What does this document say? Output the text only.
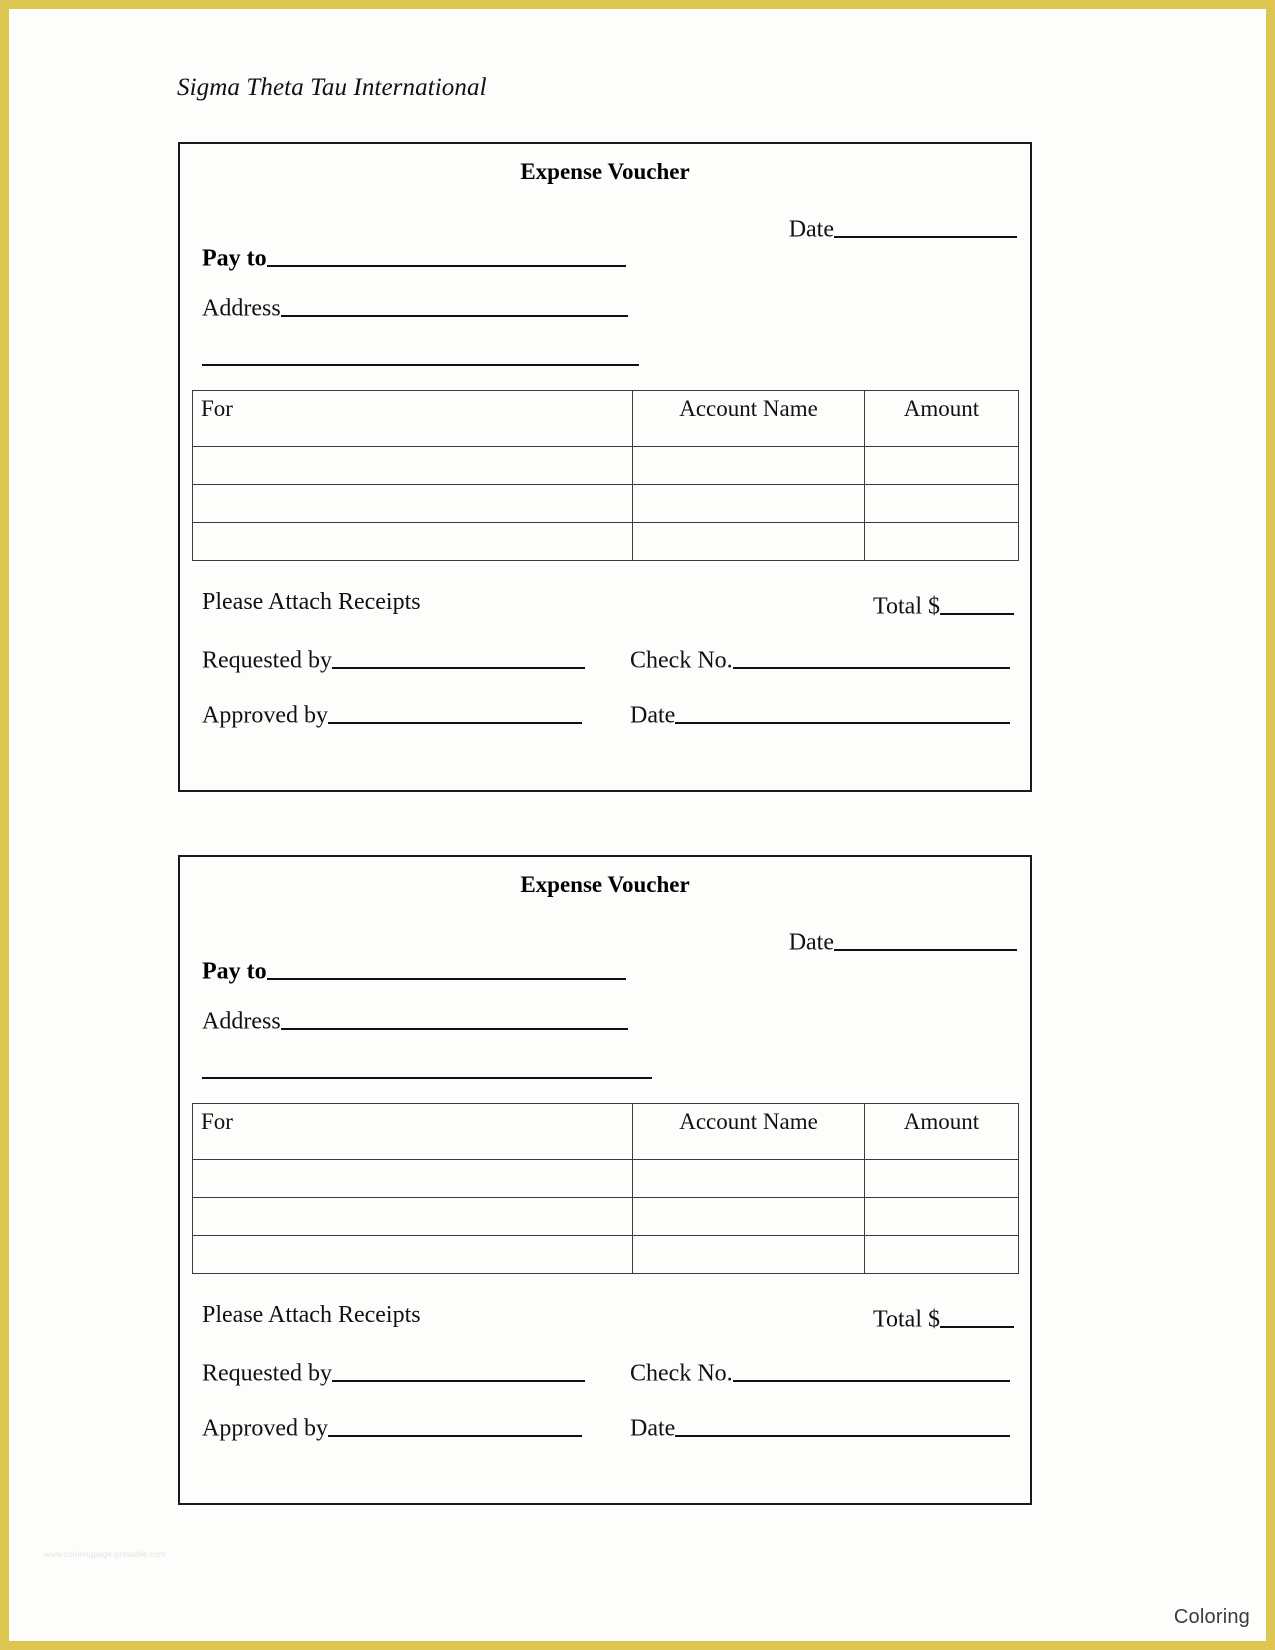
Sigma Theta Tau International
Expense Voucher
Date
Pay to
Address
For	Account Name	Amount

Please Attach Receipts	Total $
Requested by	Check No.
Approved by	Date
Expense Voucher
Date
Pay to
Address
For	Account Name	Amount

Please Attach Receipts	Total $
Requested by	Check No.
Approved by	Date
www.coloringpage-printable.com
Coloring
